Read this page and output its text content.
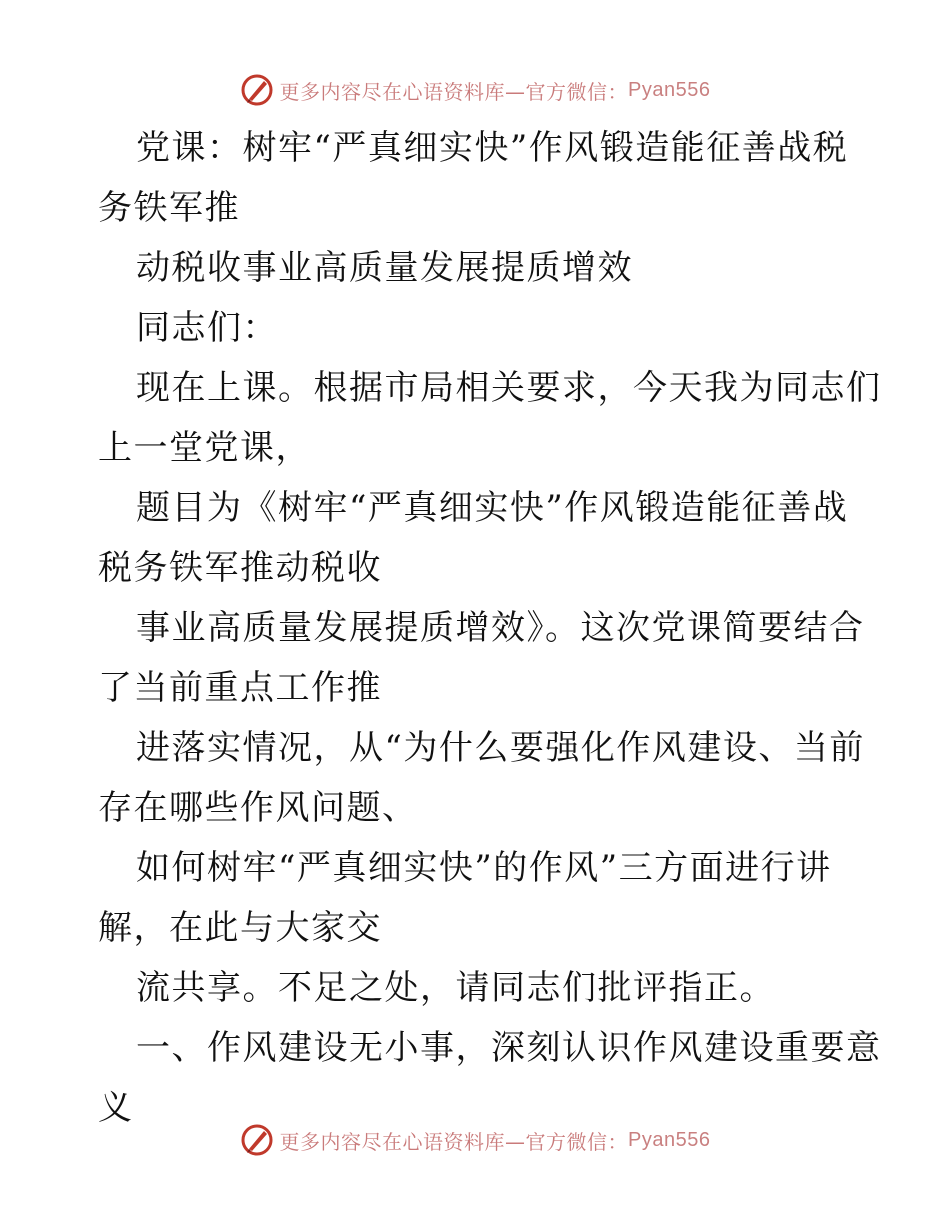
更多内容尽在心语资料库—官方微信： Pyan556

党课：树牢“严真细实快”作风锻造能征善战税
务铁军推

动税收事业高质量发展提质增效

同志们：

现在上课。根据市局相关要求，今天我为同志们
上一堂党课，

题目为《树牢“严真细实快”作风锻造能征善战
税务铁军推动税收

事业高质量发展提质增效》。这次党课简要结合
了当前重点工作推

进落实情况，从“为什么要强化作风建设、当前
存在哪些作风问题、

如何树牢“严真细实快”的作风”三方面进行讲
解，在此与大家交

流共享。不足之处，请同志们批评指正。

一、作风建设无小事，深刻认识作风建设重要意
义

更多内容尽在心语资料库—官方微信： Pyan556
